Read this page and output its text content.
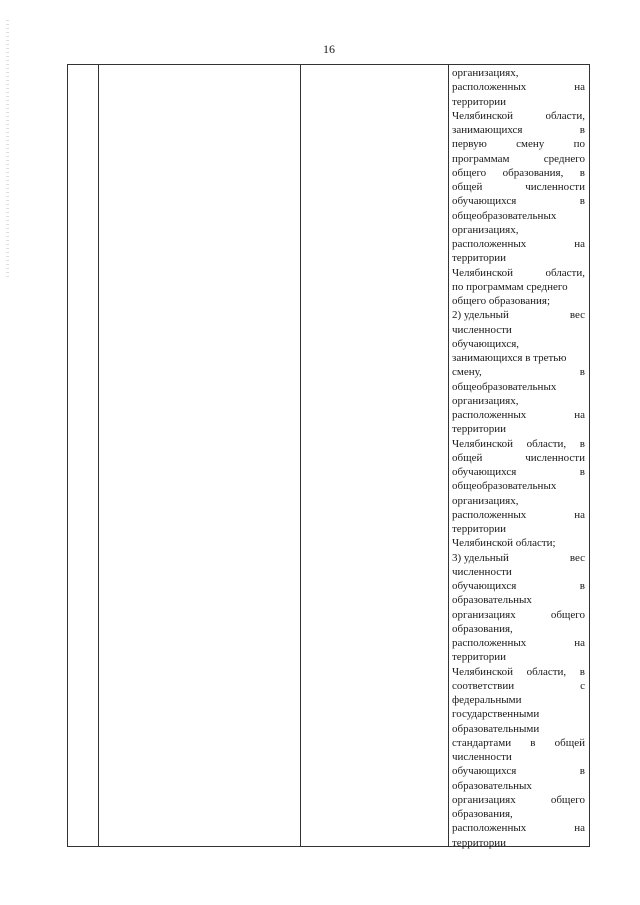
16
организациях,
расположенных	на
территории
Челябинской	области,
занимающихся	в
первую	смену	по
программам	среднего
общего образования, в
общей	численности
обучающихся	в
общеобразовательных
организациях,
расположенных	на
территории
Челябинской	области,
по программам среднего
общего образования;
2) удельный	вес
численности
обучающихся,
занимающихся в третью
смену,	в
общеобразовательных
организациях,
расположенных	на
территории
Челябинской области, в
общей	численности
обучающихся	в
общеобразовательных
организациях,
расположенных	на
территории
Челябинской области;
3) удельный	вес
численности
обучающихся	в
образовательных
организациях	общего
образования,
расположенных	на
территории
Челябинской области, в
соответствии	с
федеральными
государственными
образовательными
стандартами в общей
численности
обучающихся	в
образовательных
организациях	общего
образования,
расположенных	на
территории
